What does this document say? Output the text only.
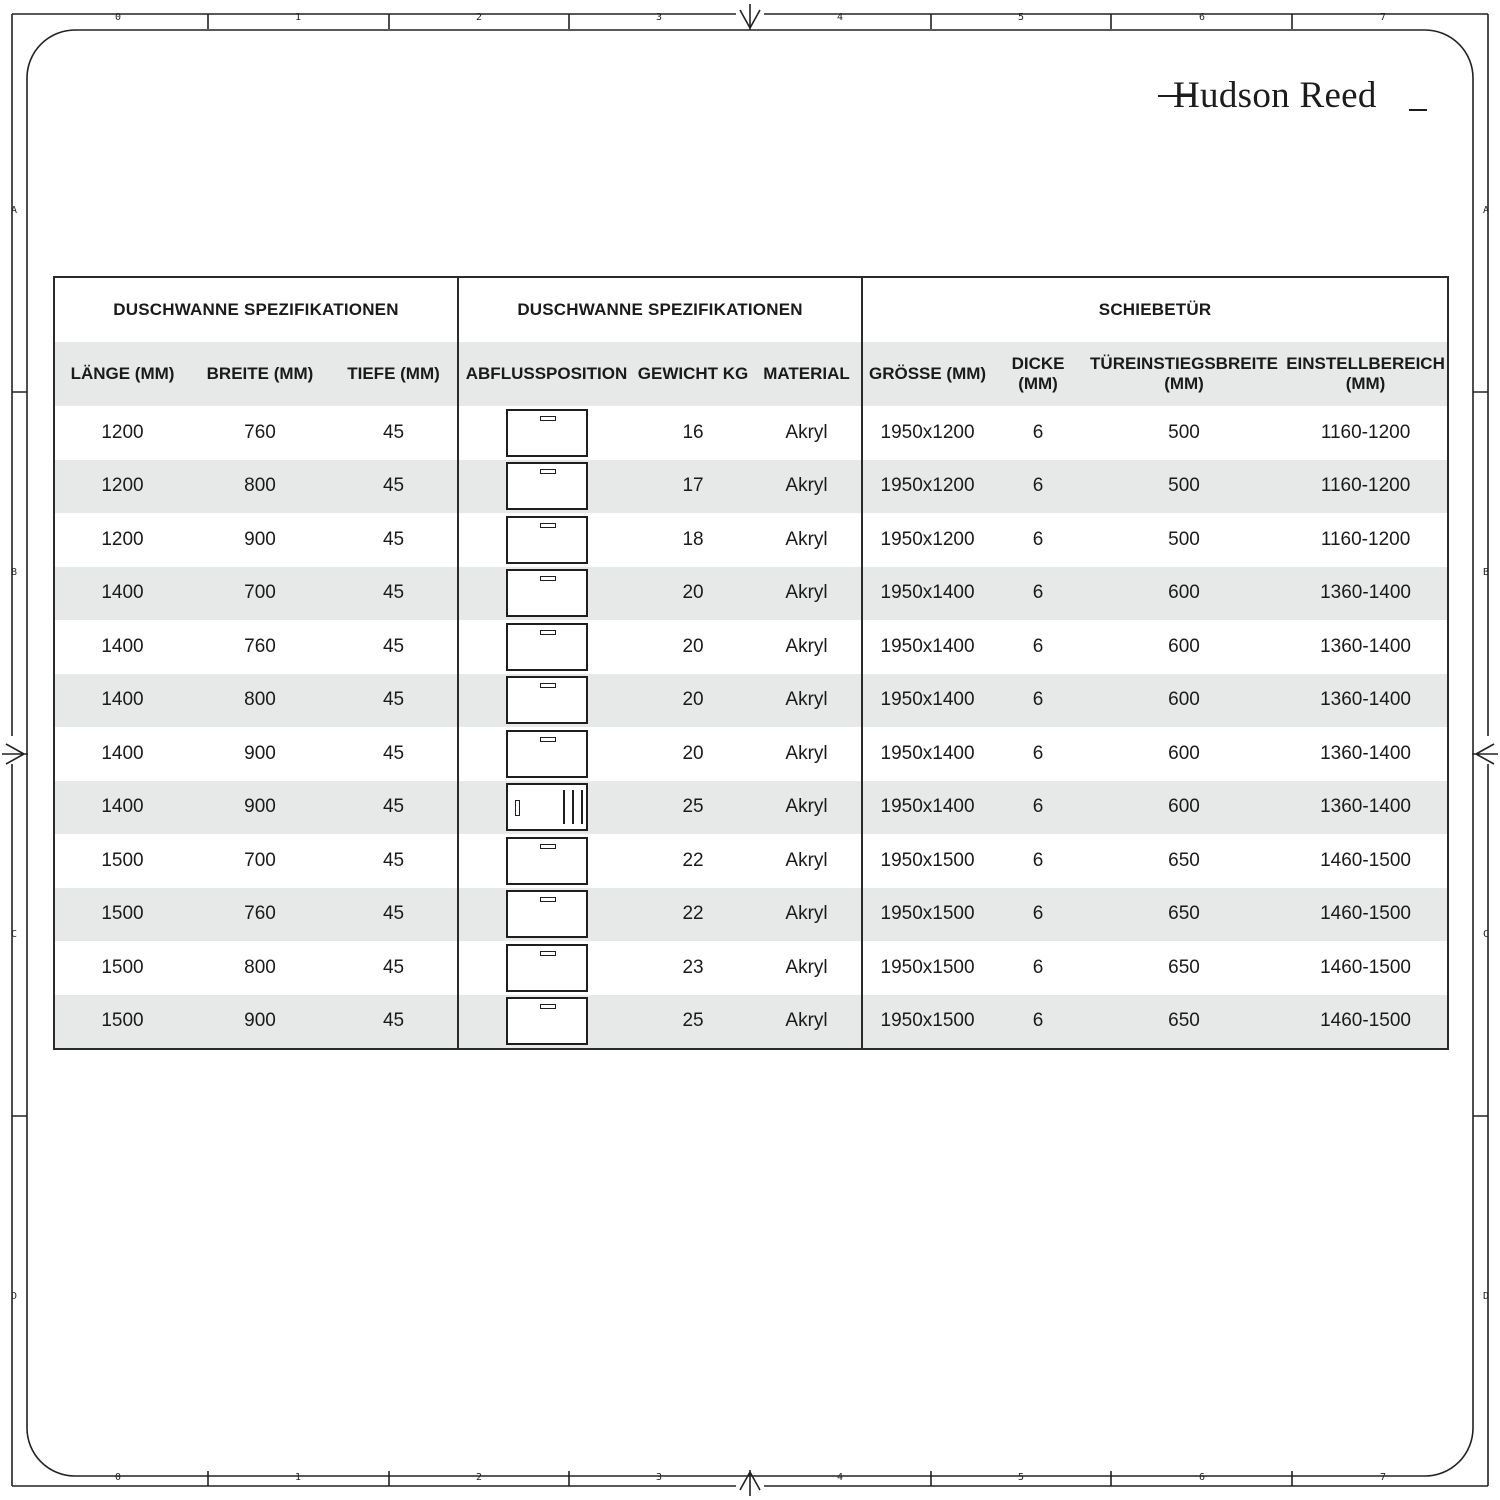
0
0
1
1
2
2
3
3
4
4
5
5
6
6
7
7
A	A
B	B
C	C
D	D
Hudson Reed
DUSCHWANNE SPEZIFIKATIONEN			DUSCHWANNE SPEZIFIKATIONEN			SCHIEBETÜR			
LÄNGE (MM)	BREITE (MM)	TIEFE (MM)	ABFLUSSPOSITION	GEWICHT KG	MATERIAL	GRÖSSE (MM)	DICKE (MM)	TÜREINSTIEGSBREITE (MM)	EINSTELLBEREICH (MM)
1200	760	45		16	Akryl	1950x1200	6	500	1160-1200
1200	800	45		17	Akryl	1950x1200	6	500	1160-1200
1200	900	45		18	Akryl	1950x1200	6	500	1160-1200
1400	700	45		20	Akryl	1950x1400	6	600	1360-1400
1400	760	45		20	Akryl	1950x1400	6	600	1360-1400
1400	800	45		20	Akryl	1950x1400	6	600	1360-1400
1400	900	45		20	Akryl	1950x1400	6	600	1360-1400
1400	900	45		25	Akryl	1950x1400	6	600	1360-1400
1500	700	45		22	Akryl	1950x1500	6	650	1460-1500
1500	760	45		22	Akryl	1950x1500	6	650	1460-1500
1500	800	45		23	Akryl	1950x1500	6	650	1460-1500
1500	900	45		25	Akryl	1950x1500	6	650	1460-1500
